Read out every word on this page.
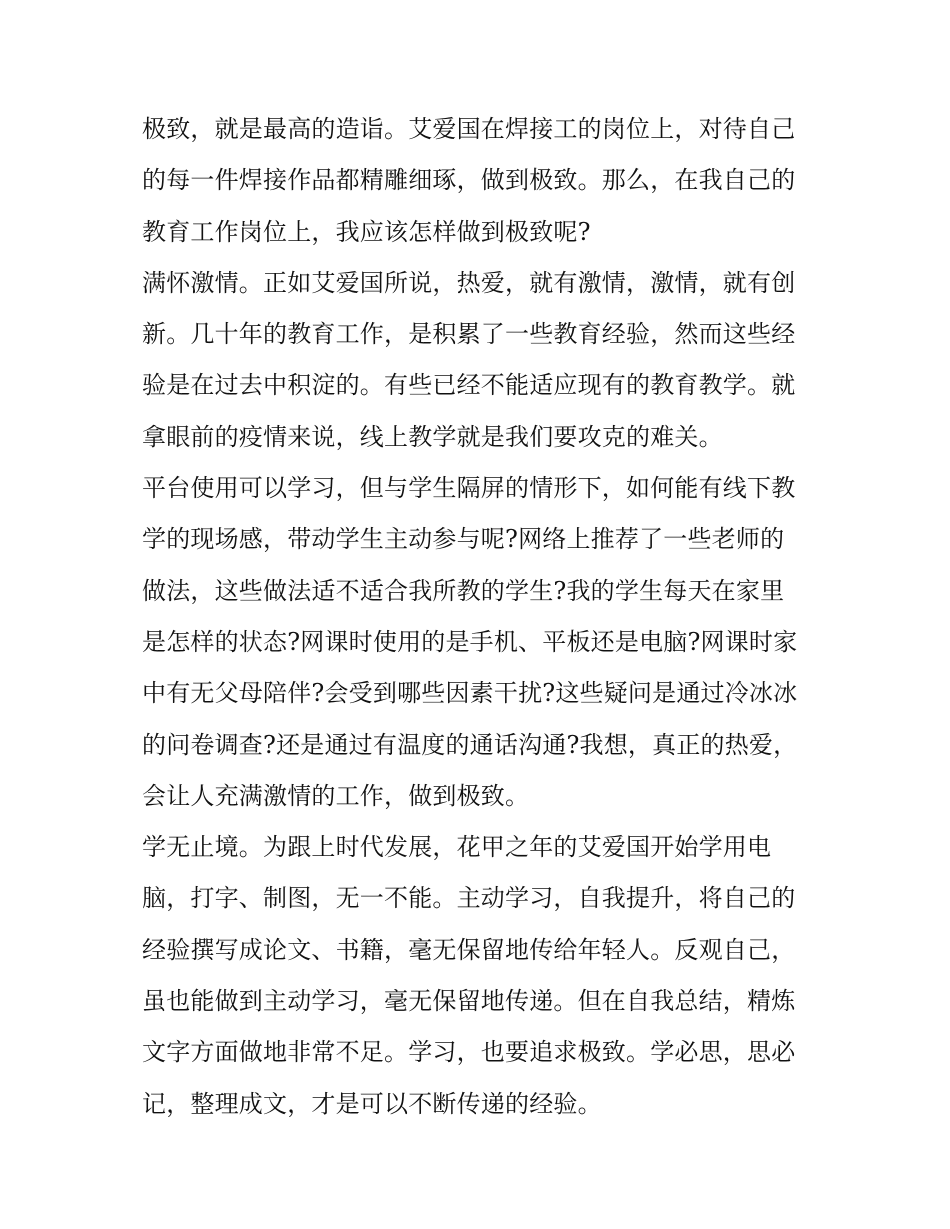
极致，就是最高的造诣。艾爱国在焊接工的岗位上，对待自己
的每一件焊接作品都精雕细琢，做到极致。那么，在我自己的
教育工作岗位上，我应该怎样做到极致呢?
满怀激情。正如艾爱国所说，热爱，就有激情，激情，就有创
新。几十年的教育工作，是积累了一些教育经验，然而这些经
验是在过去中积淀的。有些已经不能适应现有的教育教学。就
拿眼前的疫情来说，线上教学就是我们要攻克的难关。
平台使用可以学习，但与学生隔屏的情形下，如何能有线下教
学的现场感，带动学生主动参与呢?网络上推荐了一些老师的
做法，这些做法适不适合我所教的学生?我的学生每天在家里
是怎样的状态?网课时使用的是手机、平板还是电脑?网课时家
中有无父母陪伴?会受到哪些因素干扰?这些疑问是通过冷冰冰
的问卷调查?还是通过有温度的通话沟通?我想，真正的热爱，
会让人充满激情的工作，做到极致。
学无止境。为跟上时代发展，花甲之年的艾爱国开始学用电
脑，打字、制图，无一不能。主动学习，自我提升，将自己的
经验撰写成论文、书籍，毫无保留地传给年轻人。反观自己，
虽也能做到主动学习，毫无保留地传递。但在自我总结，精炼
文字方面做地非常不足。学习，也要追求极致。学必思，思必
记，整理成文，才是可以不断传递的经验。
